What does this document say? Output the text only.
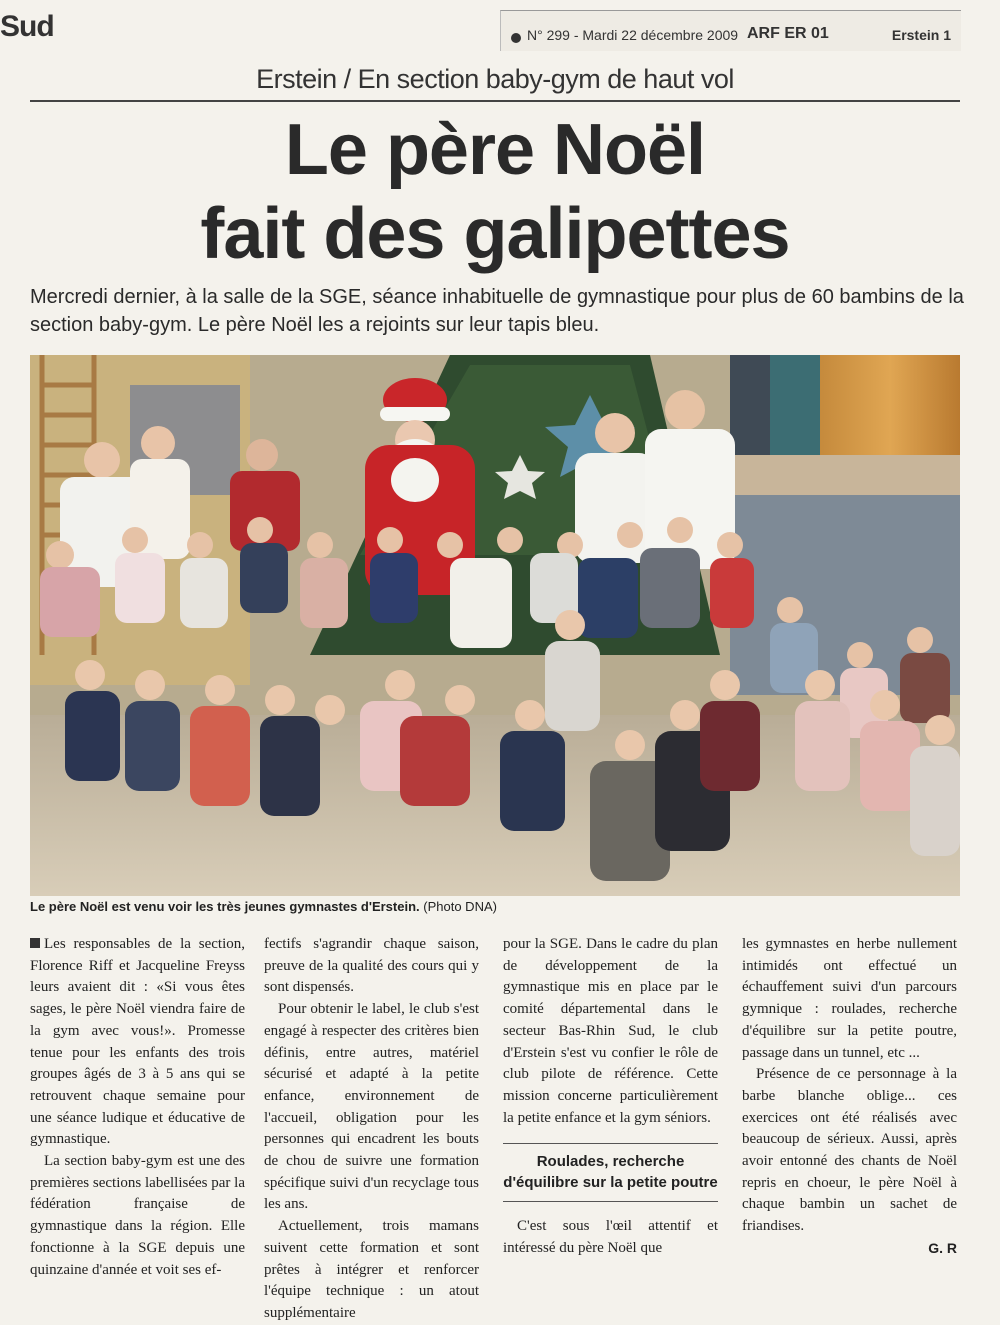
Sud	N° 299 - Mardi 22 décembre 2009 ARF ER 01	Erstein 1
Erstein / En section baby-gym de haut vol
Le père Noël
fait des galipettes
Mercredi dernier, à la salle de la SGE, séance inhabituelle de gymnastique pour plus de 60 bambins de la section baby-gym. Le père Noël les a rejoints sur leur tapis bleu.
Le père Noël est venu voir les très jeunes gymnastes d'Erstein. (Photo DNA)

Les responsables de la section, Florence Riff et Jacqueline Freyss leurs avaient dit : «Si vous êtes sages, le père Noël viendra faire de la gym avec vous!». Promesse tenue pour les enfants des trois groupes âgés de 3 à 5 ans qui se retrouvent chaque semaine pour une séance ludique et éducative de gymnastique.

La section baby-gym est une des premières sections labellisées par la fédération française de gymnastique dans la région. Elle fonctionne à la SGE depuis une quinzaine d'année et voit ses ef-

fectifs s'agrandir chaque saison, preuve de la qualité des cours qui y sont dispensés.

Pour obtenir le label, le club s'est engagé à respecter des critères bien définis, entre autres, matériel sécurisé et adapté à la petite enfance, environnement de l'accueil, obligation pour les personnes qui encadrent les bouts de chou de suivre une formation spécifique suivi d'un recyclage tous les ans.

Actuellement, trois mamans suivent cette formation et sont prêtes à intégrer et renforcer l'équipe technique : un atout supplémentaire

pour la SGE. Dans le cadre du plan de développement de la gymnastique mis en place par le comité départemental dans le secteur Bas-Rhin Sud, le club d'Erstein s'est vu confier le rôle de club pilote de référence. Cette mission concerne particulièrement la petite enfance et la gym séniors.

Roulades, recherche d'équilibre sur la petite poutre

C'est sous l'œil attentif et intéressé du père Noël que

les gymnastes en herbe nullement intimidés ont effectué un échauffement suivi d'un parcours gymnique : roulades, recherche d'équilibre sur la petite poutre, passage dans un tunnel, etc ...

Présence de ce personnage à la barbe blanche oblige... ces exercices ont été réalisés avec beaucoup de sérieux. Aussi, après avoir entonné des chants de Noël repris en choeur, le père Noël à chaque bambin un sachet de friandises.

G. R
